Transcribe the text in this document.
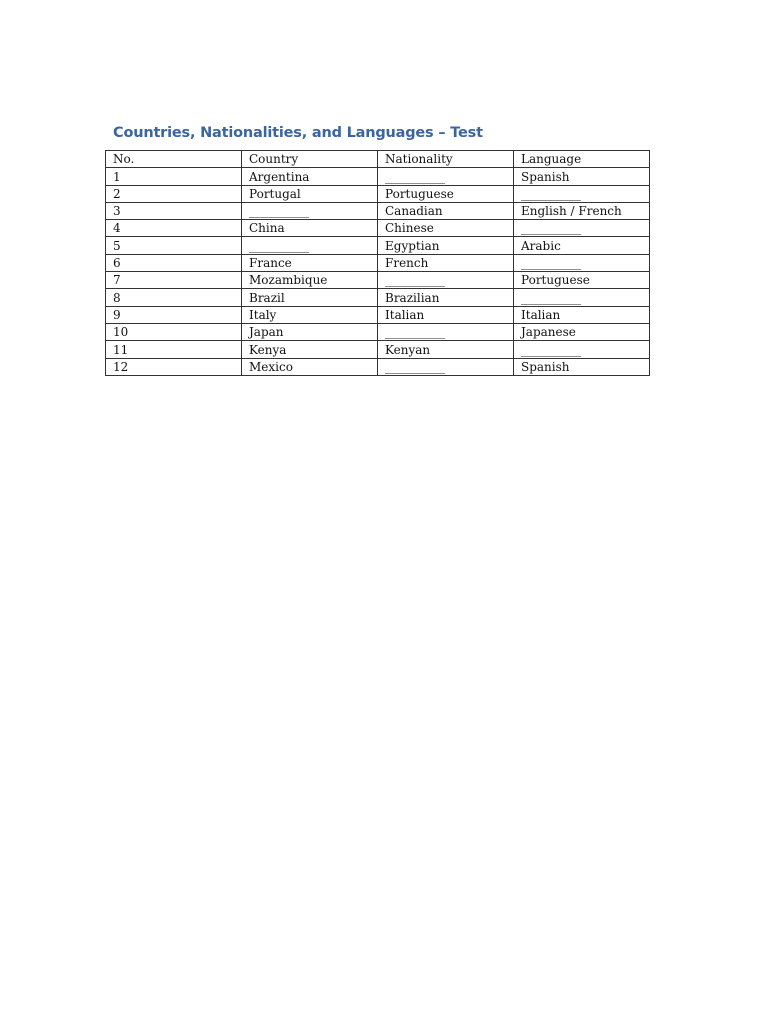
Countries, Nationalities, and Languages – Test
No.	Country	Nationality	Language
1	Argentina	__________	Spanish
2	Portugal	Portuguese	__________
3	__________	Canadian	English / French
4	China	Chinese	__________
5	__________	Egyptian	Arabic
6	France	French	__________
7	Mozambique	__________	Portuguese
8	Brazil	Brazilian	__________
9	Italy	Italian	Italian
10	Japan	__________	Japanese
11	Kenya	Kenyan	__________
12	Mexico	__________	Spanish
